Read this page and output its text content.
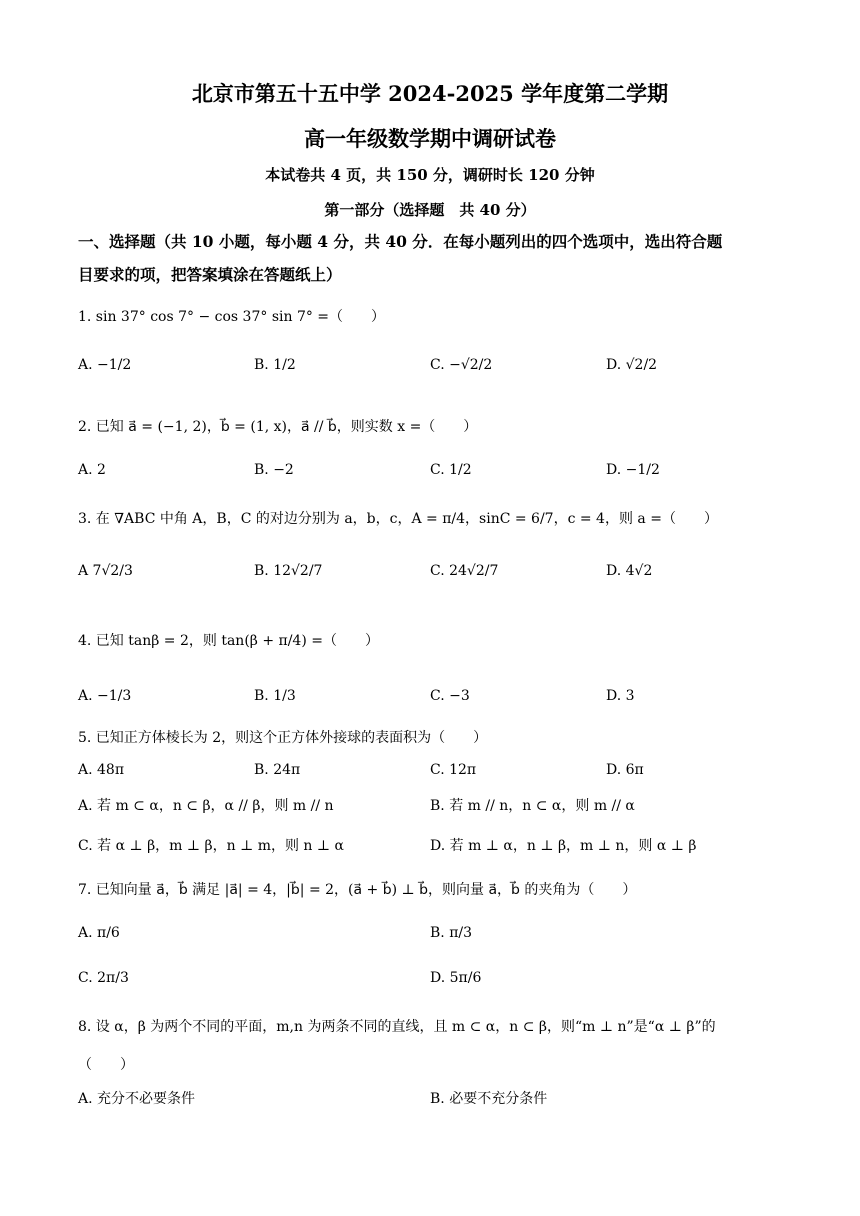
北京市第五十五中学 2024-2025 学年度第二学期
高一年级数学期中调研试卷
本试卷共 4 页，共 150 分，调研时长 120 分钟
第一部分（选择题　共 40 分）
一、选择题（共 10 小题，每小题 4 分，共 40 分．在每小题列出的四个选项中，选出符合题
目要求的项，把答案填涂在答题纸上）
1. sin 37° cos 7° − cos 37° sin 7° =（　　）
A. −1/2	B. 1/2	C. −√2/2	D. √2/2
2. 已知 a⃗ = (−1, 2)，b⃗ = (1, x)，a⃗ // b⃗，则实数 x =（　　）
A. 2	B. −2	C. 1/2	D. −1/2
3. 在 ∇ABC 中角 A，B，C 的对边分别为 a，b，c，A = π/4，sinC = 6/7，c = 4，则 a =（　　）
A 7√2/3	B. 12√2/7	C. 24√2/7	D. 4√2
4. 已知 tanβ = 2，则 tan(β + π/4) =（　　）
A. −1/3	B. 1/3	C. −3	D. 3
5. 已知正方体棱长为 2，则这个正方体外接球的表面积为（　　）
A. 48π	B. 24π	C. 12π	D. 6π
A. 若 m ⊂ α，n ⊂ β，α // β，则 m // n	B. 若 m // n，n ⊂ α，则 m // α
C. 若 α ⊥ β，m ⊥ β，n ⊥ m，则 n ⊥ α	D. 若 m ⊥ α，n ⊥ β，m ⊥ n，则 α ⊥ β
7. 已知向量 a⃗，b⃗ 满足 |a⃗| = 4，|b⃗| = 2，(a⃗ + b⃗) ⊥ b⃗，则向量 a⃗，b⃗ 的夹角为（　　）
A. π/6	B. π/3
C. 2π/3	D. 5π/6
8. 设 α，β 为两个不同的平面，m,n 为两条不同的直线，且 m ⊂ α，n ⊂ β，则“m ⊥ n”是“α ⊥ β”的
（　　）
A. 充分不必要条件	B. 必要不充分条件
